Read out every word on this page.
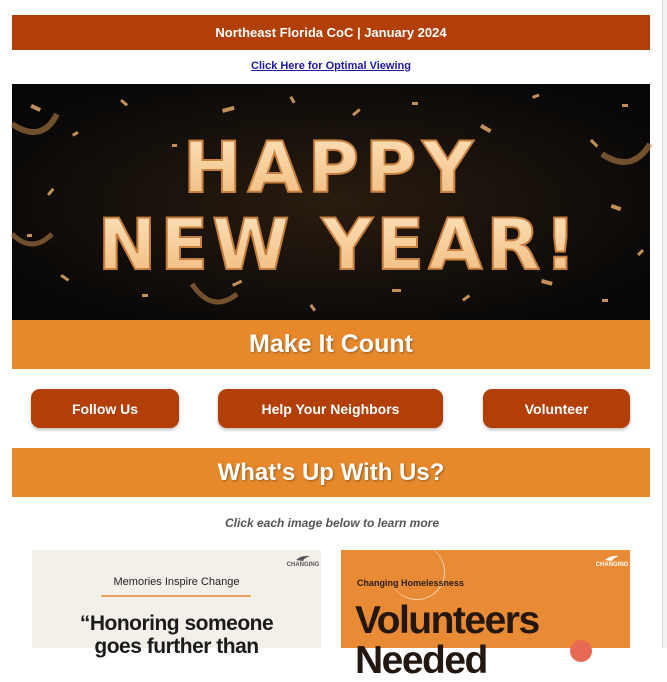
Northeast Florida CoC | January 2024
Click Here for Optimal Viewing
HAPPY
NEW YEAR!
Make It Count
Follow Us	Help Your Neighbors	Volunteer
What's Up With Us?
Click each image below to learn more
CHANGING
Memories Inspire Change
“Honoring someone
goes further than
CHANGING
Changing Homelessness
Volunteers
Needed
